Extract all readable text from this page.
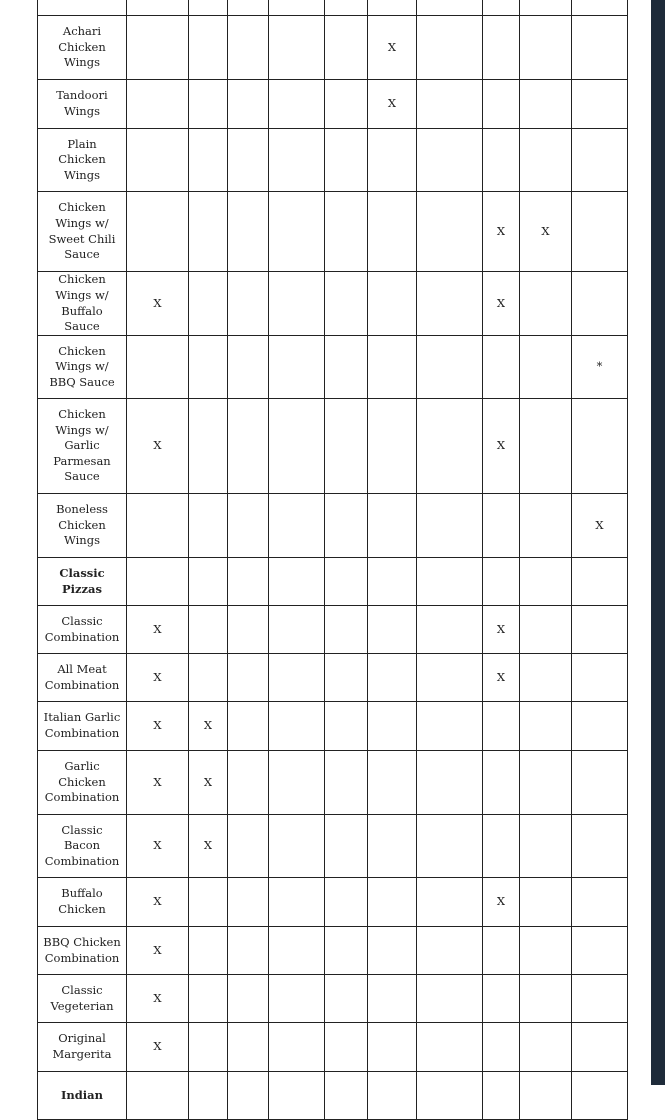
Achari
Chicken
Wings						X				

Tandoori
Wings						X				

Plain
Chicken
Wings										

Chicken
Wings w/
Sweet Chili
Sauce								X	X	

Chicken
Wings w/
Buffalo Sauce	X							X		

Chicken
Wings w/
BBQ Sauce										*

Chicken
Wings w/
Garlic
Parmesan
Sauce	X							X		

Boneless
Chicken
Wings										X

Classic
Pizzas										

Classic
Combination	X							X		

All Meat
Combination	X							X		

Italian Garlic
Combination	X	X								

Garlic
Chicken
Combination	X	X								

Classic
Bacon
Combination	X	X								

Buffalo
Chicken	X							X		

BBQ Chicken
Combination	X									

Classic
Vegeterian	X									

Original
Margerita	X									

Indian										
